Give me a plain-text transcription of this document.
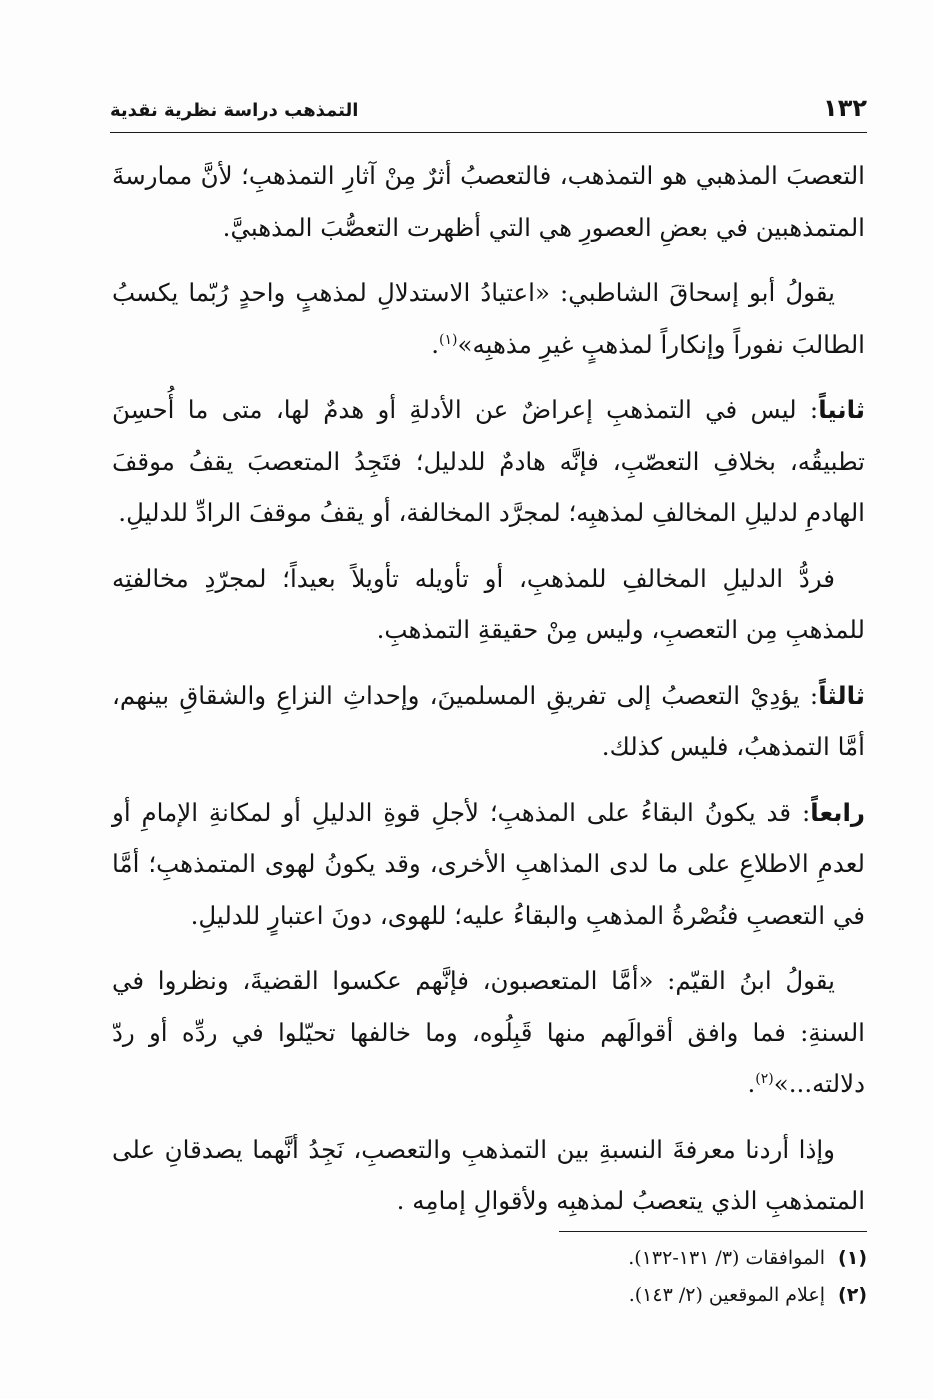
١٣٢
التمذهب دراسة نظرية نقدية

التعصبَ المذهبي هو التمذهب، فالتعصبُ أثرٌ مِنْ آثارِ التمذهبِ؛ لأنَّ ممارسةَ المتمذهبين في بعضِ العصورِ هي التي أظهرت التعصُّبَ المذهبيَّ.

يقولُ أبو إسحاقَ الشاطبي: «اعتيادُ الاستدلالِ لمذهبٍ واحدٍ رُبّما يكسبُ الطالبَ نفوراً وإنكاراً لمذهبٍ غيرِ مذهبِه»$^{(١)}$.

ثانياً: ليس في التمذهبِ إعراضٌ عن الأدلةِ أو هدمٌ لها، متى ما أُحسِنَ تطبيقُه، بخلافِ التعصّبِ، فإنَّه هادمٌ للدليل؛ فتَجِدُ المتعصبَ يقفُ موقفَ الهادمِ لدليلِ المخالفِ لمذهبِه؛ لمجرَّد المخالفة، أو يقفُ موقفَ الرادِّ للدليلِ.

فردُّ الدليلِ المخالفِ للمذهبِ، أو تأويله تأويلاً بعيداً؛ لمجرّدِ مخالفتِه للمذهبِ مِن التعصبِ، وليس مِنْ حقيقةِ التمذهبِ.

ثالثاً: يؤدِيْ التعصبُ إلى تفريقِ المسلمينَ، وإحداثِ النزاعِ والشقاقِ بينهم، أمَّا التمذهبُ، فليس كذلك.

رابعاً: قد يكونُ البقاءُ على المذهبِ؛ لأجلِ قوةِ الدليلِ أو لمكانةِ الإمامِ أو لعدمِ الاطلاعِ على ما لدى المذاهبِ الأخرى، وقد يكونُ لهوى المتمذهبِ؛ أمَّا في التعصبِ فنُصْرةُ المذهبِ والبقاءُ عليه؛ للهوى، دونَ اعتبارٍ للدليلِ.

يقولُ ابنُ القيّم: «أمَّا المتعصبون، فإنَّهم عكسوا القضيةَ، ونظروا في السنةِ: فما وافق أقوالَهم منها قَبِلُوه، وما خالفها تحيّلوا في ردِّه أو ردّ دلالته...»$^{(٢)}$.

وإذا أردنا معرفةَ النسبةِ بين التمذهبِ والتعصبِ، نَجِدُ أنَّهما يصدقانِ على المتمذهبِ الذي يتعصبُ لمذهبِه ولأقوالِ إمامِه .

(١)الموافقات (٣/ ١٣١-١٣٢).
(٢)إعلام الموقعين (٢/ ١٤٣).
